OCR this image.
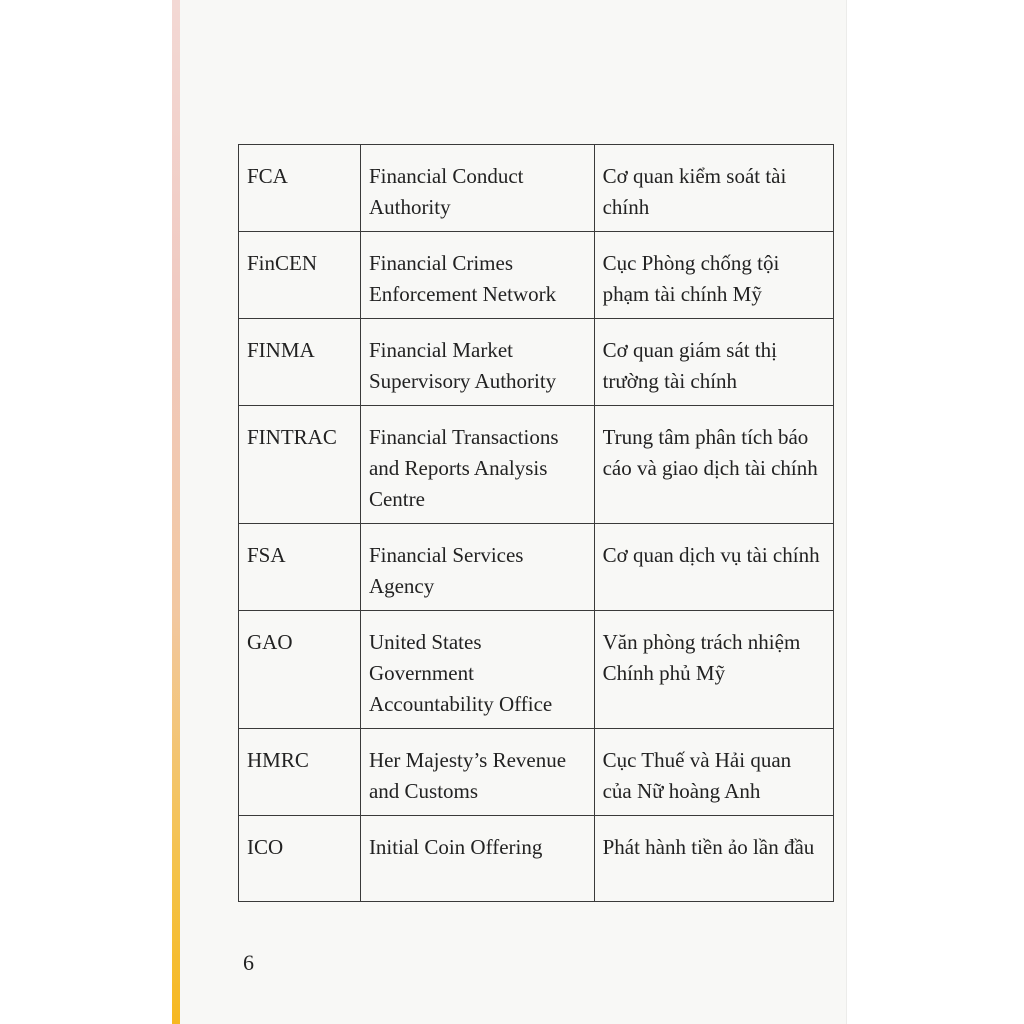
FCA	Financial Conduct Authority	Cơ quan kiểm soát tài chính
FinCEN	Financial Crimes Enforcement Network	Cục Phòng chống tội phạm tài chính Mỹ
FINMA	Financial Market Supervisory Authority	Cơ quan giám sát thị trường tài chính
FINTRAC	Financial Transactions and Reports Analysis Centre	Trung tâm phân tích báo cáo và giao dịch tài chính
FSA	Financial Services Agency	Cơ quan dịch vụ tài chính
GAO	United States Government Accountability Office	Văn phòng trách nhiệm Chính phủ Mỹ
HMRC	Her Majesty’s Revenue and Customs	Cục Thuế và Hải quan của Nữ hoàng Anh
ICO	Initial Coin Offering	Phát hành tiền ảo lần đầu
6
